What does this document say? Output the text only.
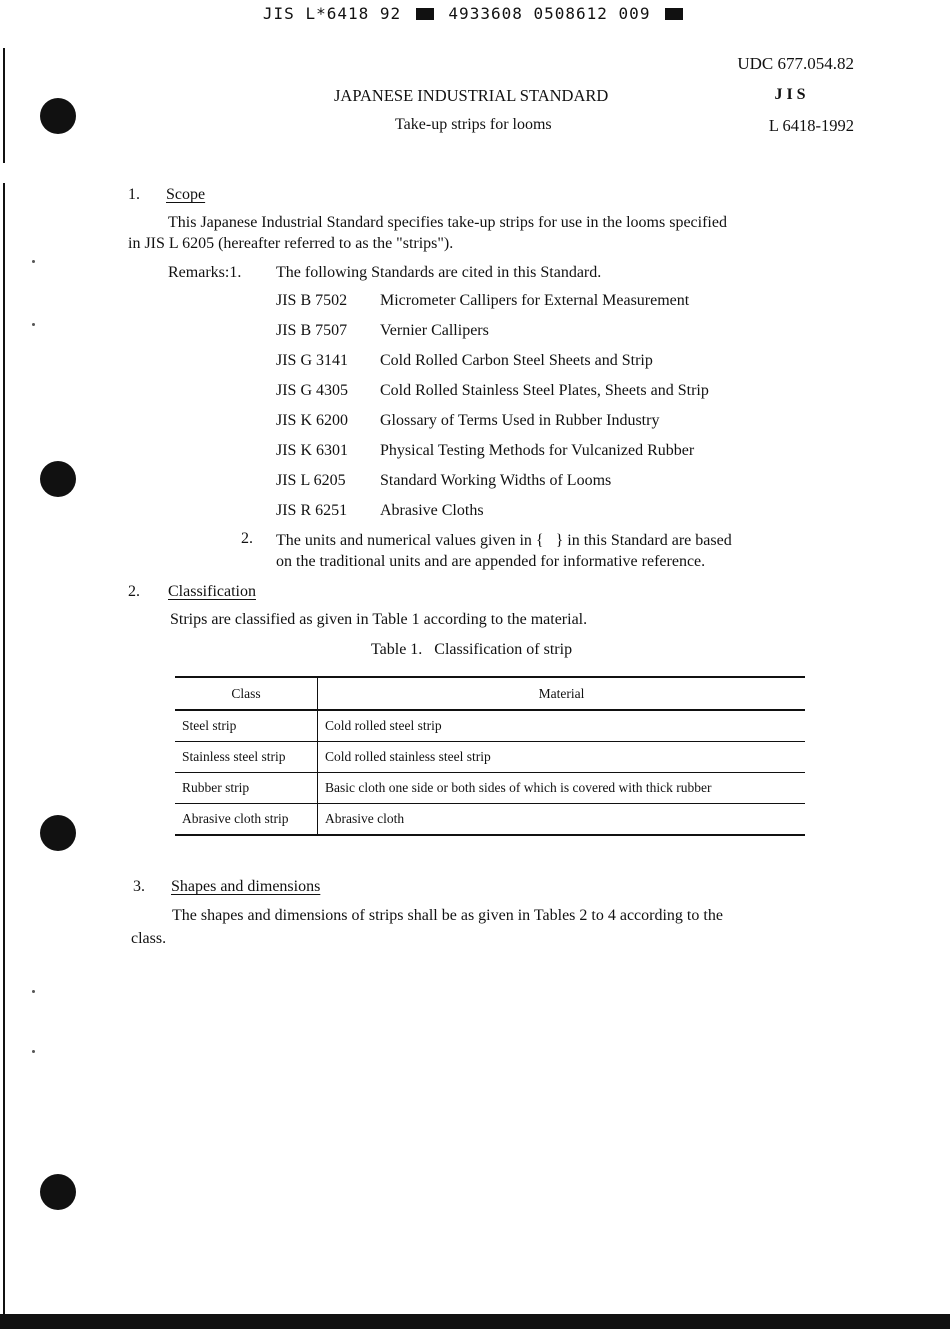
JIS L*6418 92	4933608 0508612 009
UDC 677.054.82
JAPANESE INDUSTRIAL STANDARD	J I S
Take-up strips for looms	L 6418-1992
1. Scope
This Japanese Industrial Standard specifies take-up strips for use in the looms specified
in JIS L 6205 (hereafter referred to as the "strips").
Remarks:1. The following Standards are cited in this Standard.
JIS B 7502 Micrometer Callipers for External Measurement
JIS B 7507 Vernier Callipers
JIS G 3141 Cold Rolled Carbon Steel Sheets and Strip
JIS G 4305 Cold Rolled Stainless Steel Plates, Sheets and Strip
JIS K 6200 Glossary of Terms Used in Rubber Industry
JIS K 6301 Physical Testing Methods for Vulcanized Rubber
JIS L 6205 Standard Working Widths of Looms
JIS R 6251 Abrasive Cloths
2. The units and numerical values given in {   } in this Standard are based
on the traditional units and are appended for informative reference.
2. Classification
Strips are classified as given in Table 1 according to the material.
Table 1.   Classification of strip
Class	Material
Steel strip	Cold rolled steel strip
Stainless steel strip	Cold rolled stainless steel strip
Rubber strip	Basic cloth one side or both sides of which is covered with thick rubber
Abrasive cloth strip	Abrasive cloth
3. Shapes and dimensions
The shapes and dimensions of strips shall be as given in Tables 2 to 4 according to the
class.
